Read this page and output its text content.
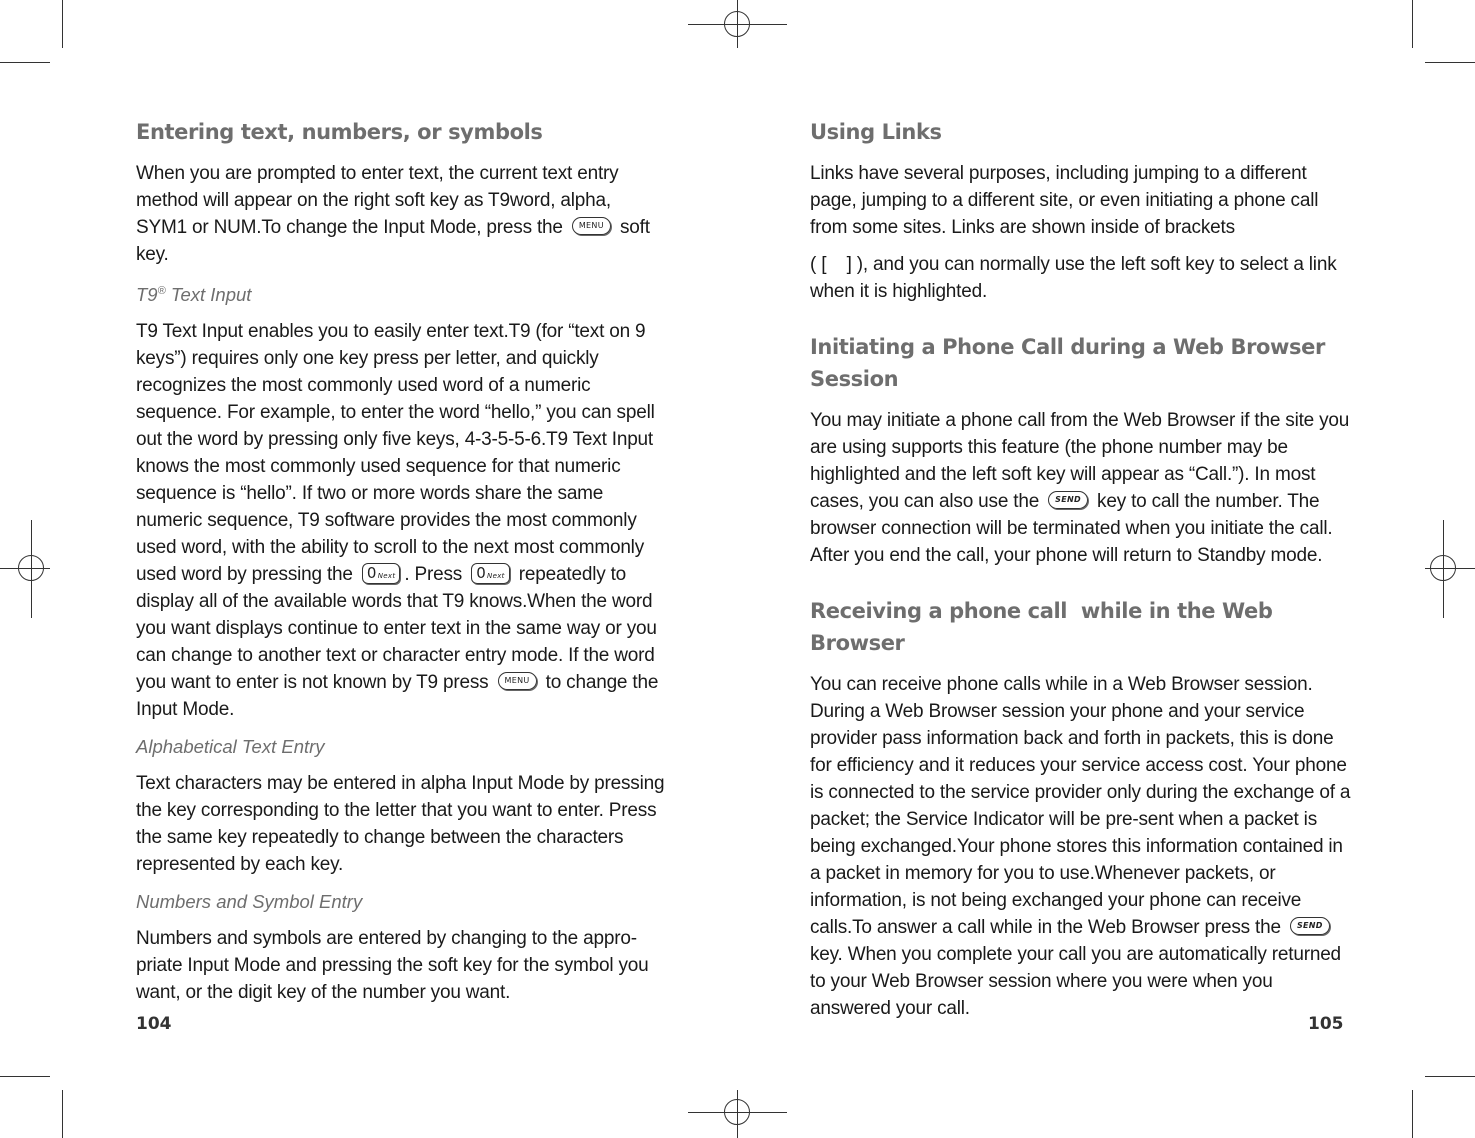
Entering text, numbers, or symbols

When you are prompted to enter text, the current text entry method will appear on the right soft key as T9word, alpha, SYM1 or NUM.To change the Input Mode, press the MENU soft key.

T9® Text Input

T9 Text Input enables you to easily enter text.T9 (for “text on 9 keys”) requires only one key press per letter, and quickly recognizes the most commonly used word of a numeric sequence. For example, to enter the word “hello,” you can spell out the word by pressing only five keys, 4-3-5-5-6.T9 Text Input knows the most commonly used sequence for that numeric sequence is “hello”. If two or more words share the same numeric sequence, T9 software provides the most commonly used word, with the ability to scroll to the next most commonly used word by pressing the 0Next . Press 0Next repeatedly to display all of the available words that T9 knows.When the word you want displays continue to enter text in the same way or you can change to another text or character entry mode. If the word you want to enter is not known by T9 press MENU to change the Input Mode.

Alphabetical Text Entry

Text characters may be entered in alpha Input Mode by pressing the key corresponding to the letter that you want to enter. Press the same key repeatedly to change between the characters represented by each key.

Numbers and Symbol Entry

Numbers and symbols are entered by changing to the appro-priate Input Mode and pressing the soft key for the symbol you want, or the digit key of the number you want.

Using Links

Links have several purposes, including jumping to a different page, jumping to a different site, or even initiating a phone call from some sites. Links are shown inside of brackets

( [    ] ), and you can normally use the left soft key to select a link when it is highlighted.

Initiating a Phone Call during a Web Browser Session

You may initiate a phone call from the Web Browser if the site you are using supports this feature (the phone number may be highlighted and the left soft key will appear as “Call.”). In most cases, you can also use the SEND key to call the number. The browser connection will be terminated when you initiate the call. After you end the call, your phone will return to Standby mode.

Receiving a phone call  while in the Web Browser

You can receive phone calls while in a Web Browser session. During a Web Browser session your phone and your service provider pass information back and forth in packets, this is done for efficiency and it reduces your service access cost. Your phone is connected to the service provider only during the exchange of a packet; the Service Indicator will be pre-sent when a packet is being exchanged.Your phone stores this information contained in a packet in memory for you to use.Whenever packets, or information, is not being exchanged your phone can receive calls.To answer a call while in the Web Browser press the SEND key. When you complete your call you are automatically returned to your Web Browser session where you were when you answered your call.

104	105
